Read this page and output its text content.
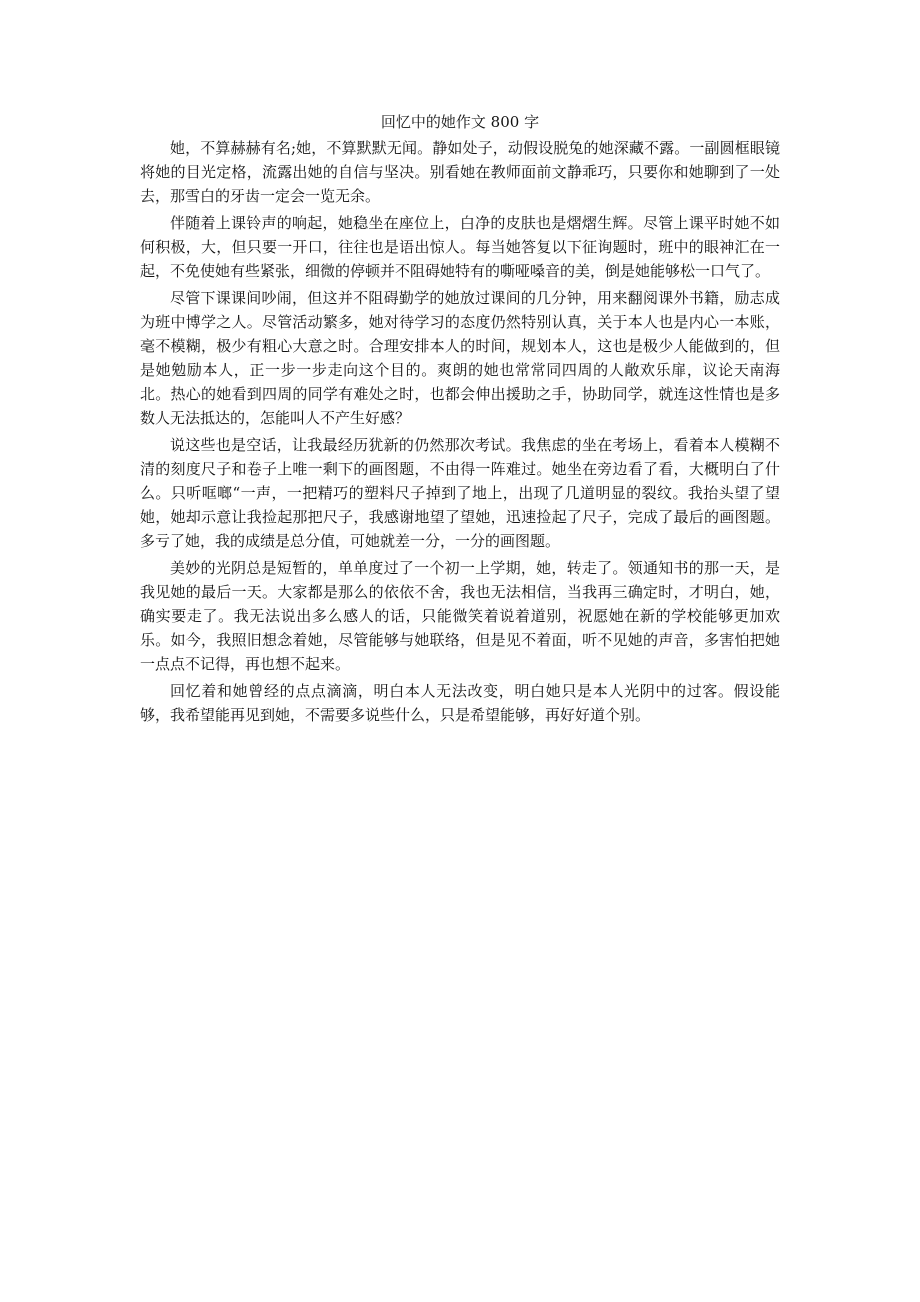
回忆中的她作文 800 字

她，不算赫赫有名;她，不算默默无闻。静如处子，动假设脱兔的她深藏不露。一副圆框眼镜将她的目光定格，流露出她的自信与坚决。别看她在教师面前文静乖巧，只要你和她聊到了一处去，那雪白的牙齿一定会一览无余。

伴随着上课铃声的响起，她稳坐在座位上，白净的皮肤也是熠熠生辉。尽管上课平时她不如何积极，大，但只要一开口，往往也是语出惊人。每当她答复以下征询题时，班中的眼神汇在一起，不免使她有些紧张，细微的停顿并不阻碍她特有的嘶哑嗓音的美，倒是她能够松一口气了。

尽管下课课间吵闹，但这并不阻碍勤学的她放过课间的几分钟，用来翻阅课外书籍，励志成为班中博学之人。尽管活动繁多，她对待学习的态度仍然特别认真，关于本人也是内心一本账，毫不模糊，极少有粗心大意之时。合理安排本人的时间，规划本人，这也是极少人能做到的，但是她勉励本人，正一步一步走向这个目的。爽朗的她也常常同四周的人敞欢乐扉，议论天南海北。热心的她看到四周的同学有难处之时，也都会伸出援助之手，协助同学，就连这性情也是多数人无法抵达的，怎能叫人不产生好感？

说这些也是空话，让我最经历犹新的仍然那次考试。我焦虑的坐在考场上，看着本人模糊不清的刻度尺子和卷子上唯一剩下的画图题，不由得一阵难过。她坐在旁边看了看，大概明白了什么。只听哐啷“一声，一把精巧的塑料尺子掉到了地上，出现了几道明显的裂纹。我抬头望了望她，她却示意让我捡起那把尺子，我感谢地望了望她，迅速捡起了尺子，完成了最后的画图题。多亏了她，我的成绩是总分值，可她就差一分，一分的画图题。

美妙的光阴总是短暂的，单单度过了一个初一上学期，她，转走了。领通知书的那一天，是我见她的最后一天。大家都是那么的依依不舍，我也无法相信，当我再三确定时，才明白，她，确实要走了。我无法说出多么感人的话，只能微笑着说着道别，祝愿她在新的学校能够更加欢乐。如今，我照旧想念着她，尽管能够与她联络，但是见不着面，听不见她的声音，多害怕把她一点点不记得，再也想不起来。

回忆着和她曾经的点点滴滴，明白本人无法改变，明白她只是本人光阴中的过客。假设能够，我希望能再见到她，不需要多说些什么，只是希望能够，再好好道个别。
